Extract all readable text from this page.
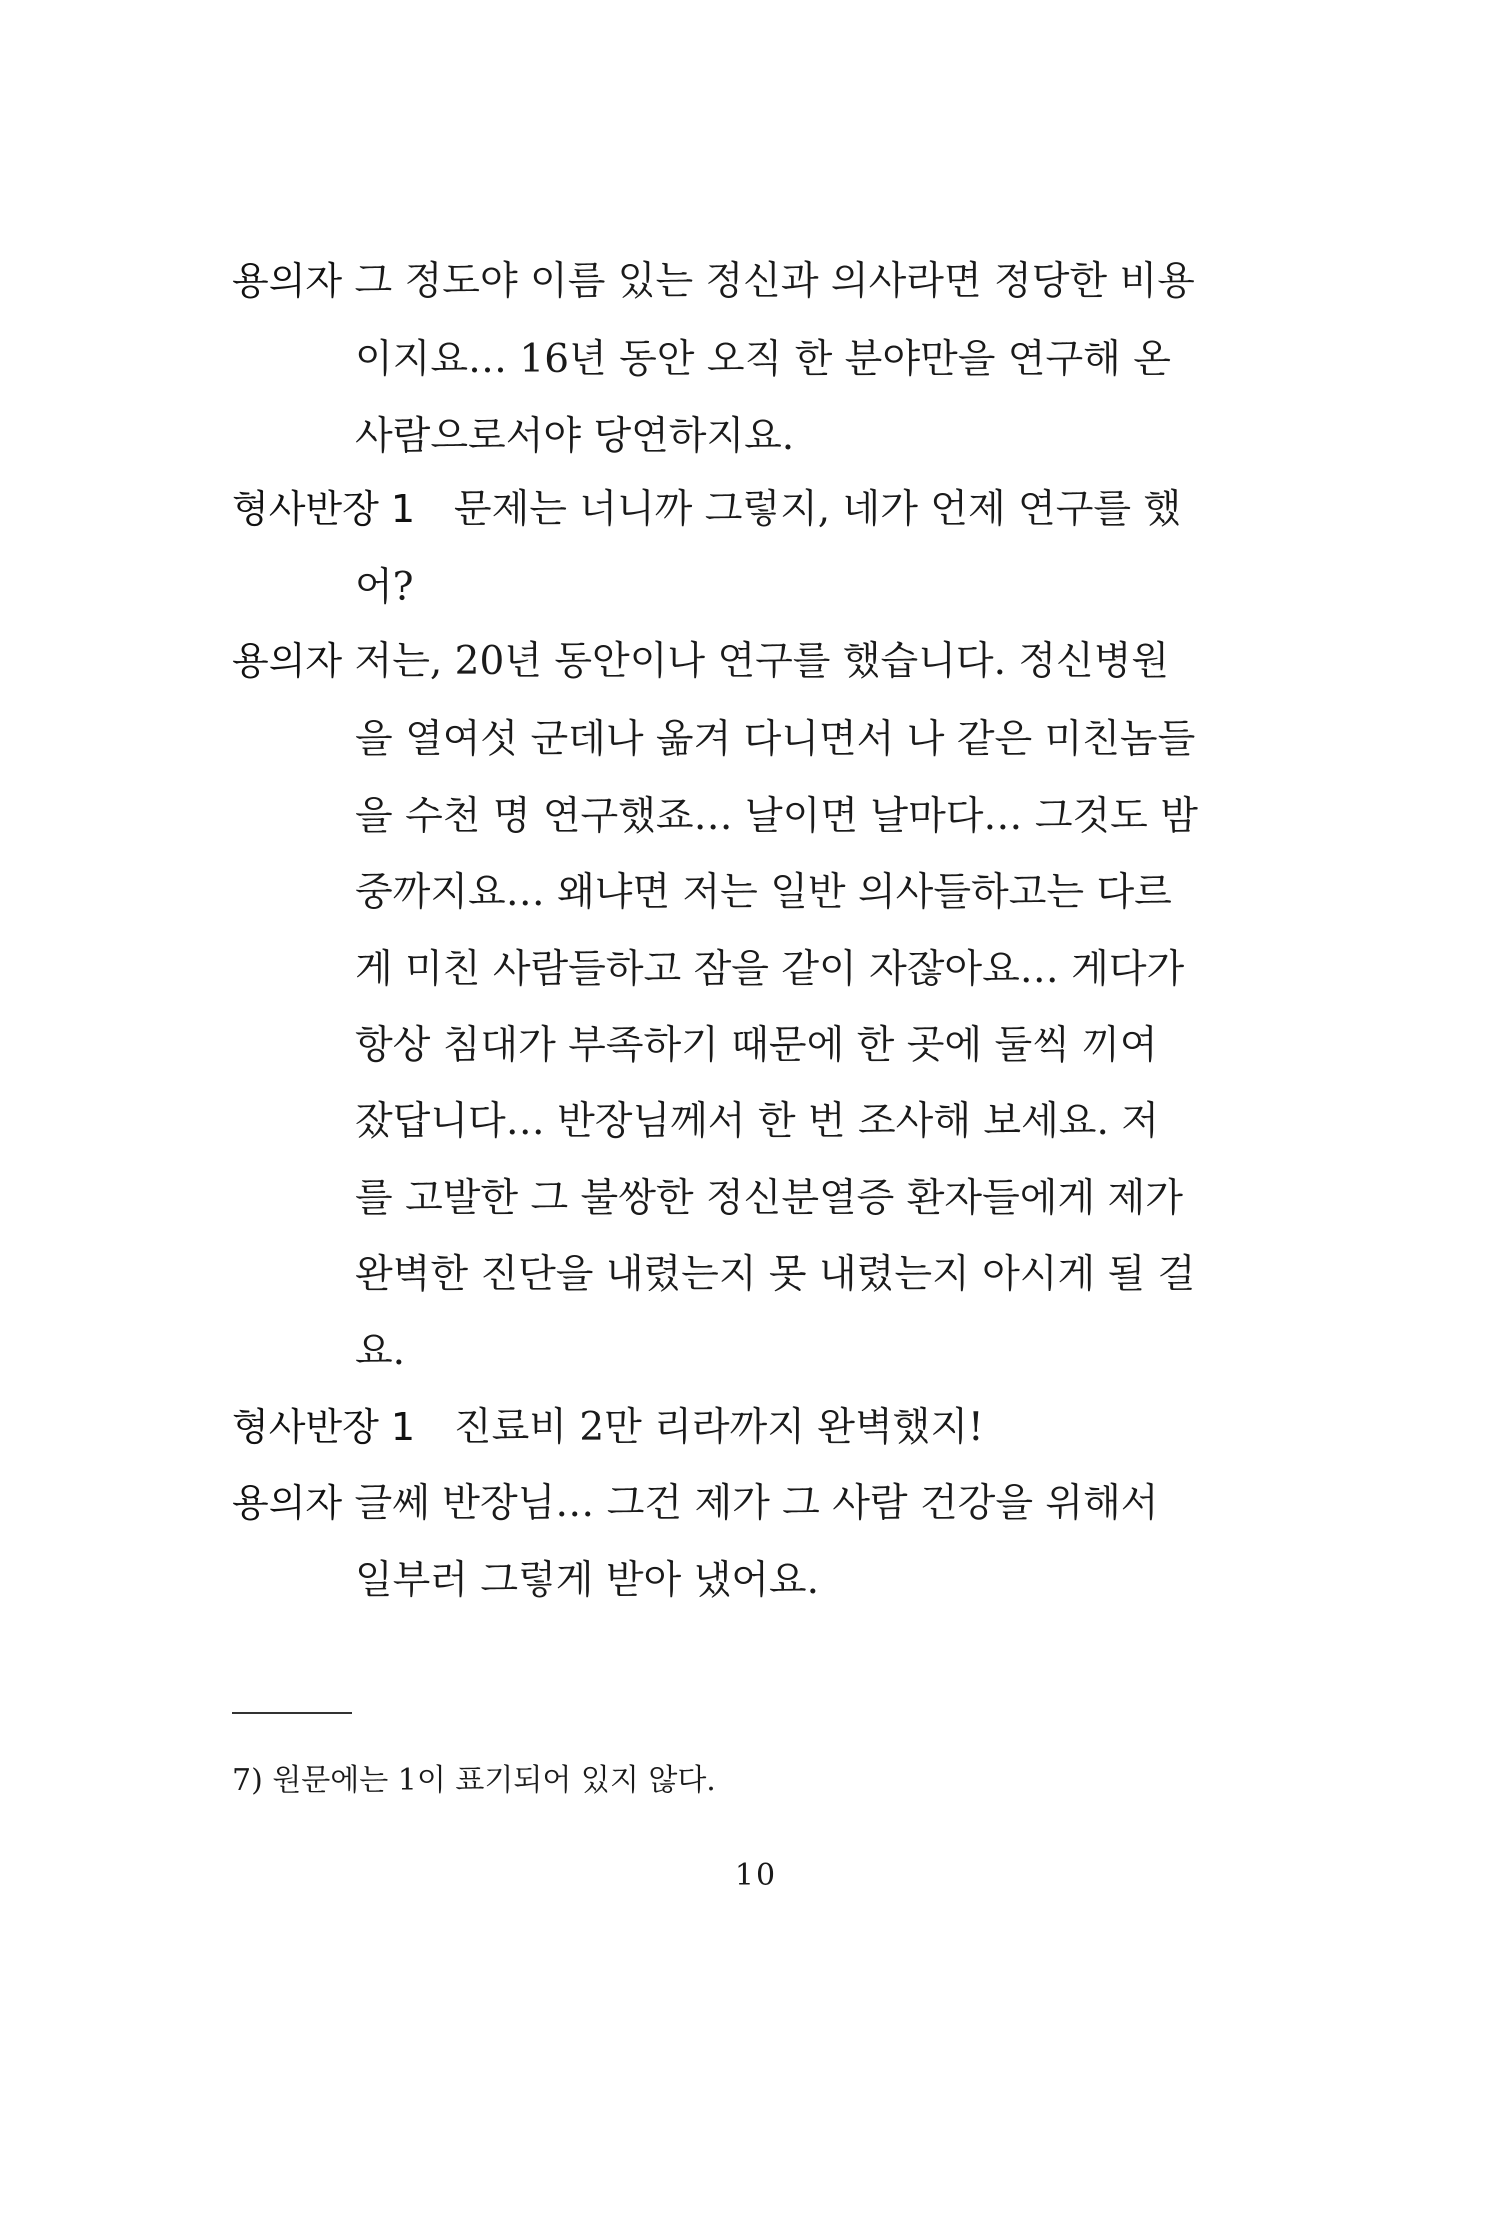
용의자 그 정도야 이름 있는 정신과 의사라면 정당한 비용
이지요… 16년 동안 오직 한 분야만을 연구해 온
사람으로서야 당연하지요.
형사반장 1 문제는 너니까 그렇지, 네가 언제 연구를 했
어?
용의자 저는, 20년 동안이나 연구를 했습니다. 정신병원
을 열여섯 군데나 옮겨 다니면서 나 같은 미친놈들
을 수천 명 연구했죠… 날이면 날마다… 그것도 밤
중까지요… 왜냐면 저는 일반 의사들하고는 다르
게 미친 사람들하고 잠을 같이 자잖아요… 게다가
항상 침대가 부족하기 때문에 한 곳에 둘씩 끼여
잤답니다… 반장님께서 한 번 조사해 보세요. 저
를 고발한 그 불쌍한 정신분열증 환자들에게 제가
완벽한 진단을 내렸는지 못 내렸는지 아시게 될 걸
요.
형사반장 1 진료비 2만 리라까지 완벽했지!
용의자 글쎄 반장님… 그건 제가 그 사람 건강을 위해서
일부러 그렇게 받아 냈어요.
7) 원문에는 1이 표기되어 있지 않다.
10
